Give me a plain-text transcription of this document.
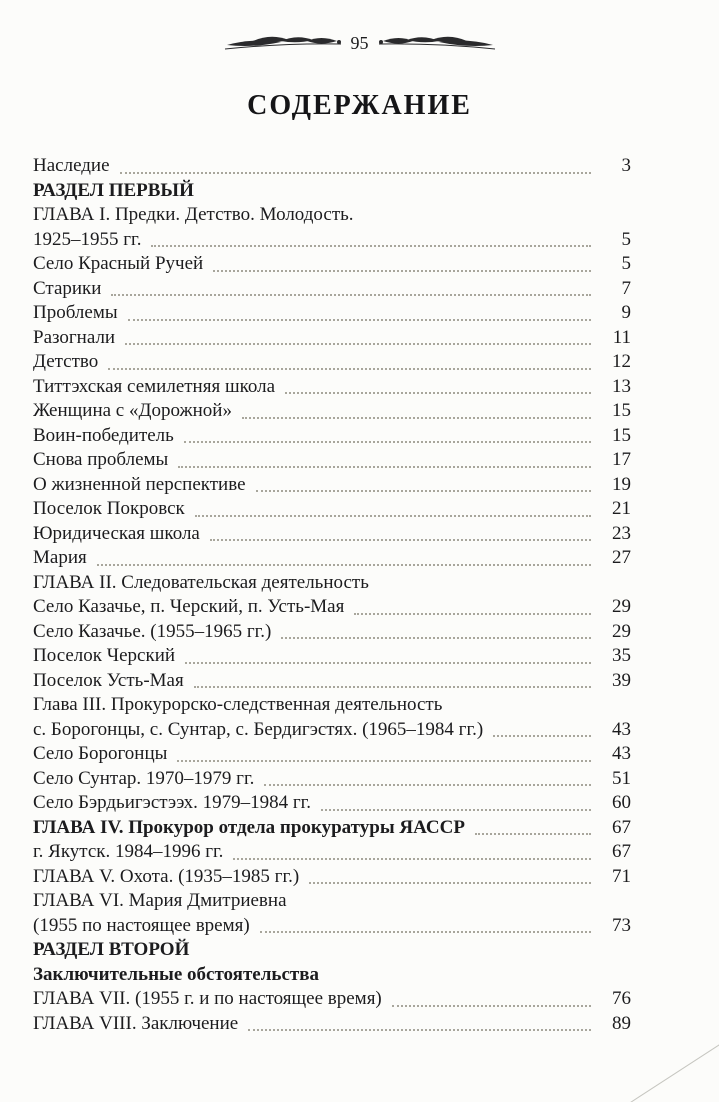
95
СОДЕРЖАНИЕ
Наследие	3
РАЗДЕЛ ПЕРВЫЙ
ГЛАВА I. Предки. Детство. Молодость.
1925–1955 гг.	5
Село Красный Ручей	5
Старики	7
Проблемы	9
Разогнали	11
Детство	12
Титтэхская семилетняя школа	13
Женщина с «Дорожной»	15
Воин-победитель	15
Снова проблемы	17
О жизненной перспективе	19
Поселок Покровск	21
Юридическая школа	23
Мария	27
ГЛАВА II. Следовательская деятельность
Село Казачье, п. Черский, п. Усть-Мая	29
Село Казачье. (1955–1965 гг.)	29
Поселок Черский	35
Поселок Усть-Мая	39
Глава III. Прокурорско-следственная деятельность
с. Борогонцы, с. Сунтар, с. Бердигэстях. (1965–1984 гг.)	43
Село Борогонцы	43
Село Сунтар. 1970–1979 гг.	51
Село Бэрдьигэстээх. 1979–1984 гг.	60
ГЛАВА IV. Прокурор отдела прокуратуры ЯАССР	67
г. Якутск. 1984–1996 гг.	67
ГЛАВА V. Охота. (1935–1985 гг.)	71
ГЛАВА VI. Мария Дмитриевна
(1955 по настоящее время)	73
РАЗДЕЛ ВТОРОЙ
Заключительные обстоятельства
ГЛАВА VII. (1955 г. и по настоящее время)	76
ГЛАВА VIII. Заключение	89
